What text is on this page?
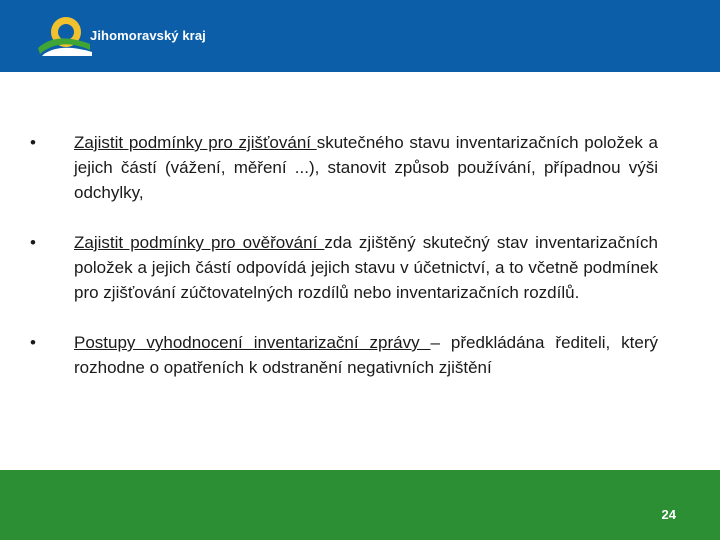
Jihomoravský kraj
•	Zajistit podmínky pro zjišťování skutečného stavu inventarizačních položek a jejich částí (vážení, měření ...), stanovit způsob používání, případnou výši odchylky,
•	Zajistit podmínky pro ověřování zda zjištěný skutečný stav inventarizačních položek a jejich částí odpovídá jejich stavu v účetnictví, a to včetně podmínek pro zjišťování zúčtovatelných rozdílů nebo inventarizačních rozdílů.
•	Postupy vyhodnocení inventarizační zprávy – předkládána řediteli, který rozhodne o opatřeních k odstranění negativních zjištění
24
